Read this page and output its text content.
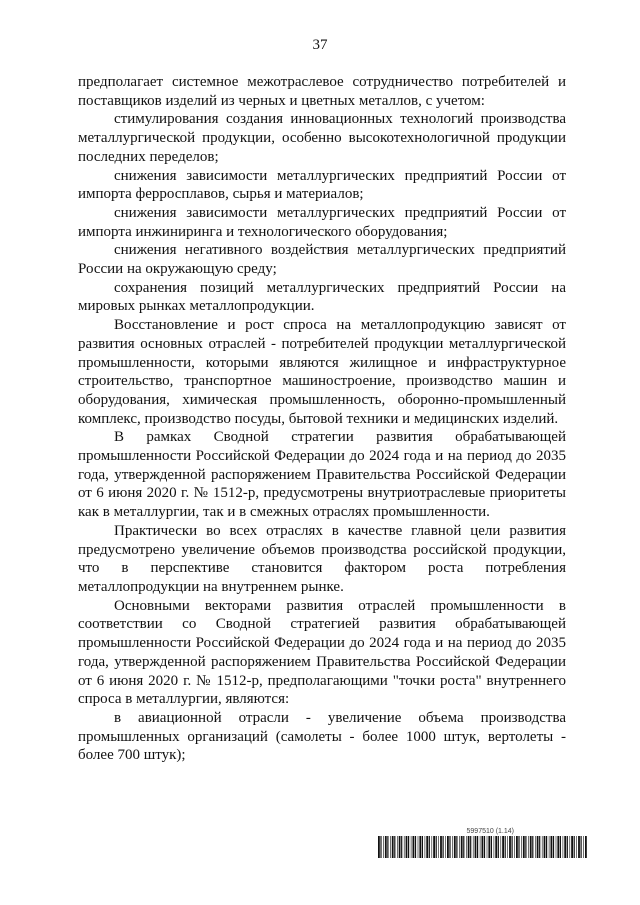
37

предполагает системное межотраслевое сотрудничество потребителей и поставщиков изделий из черных и цветных металлов, с учетом:

стимулирования создания инновационных технологий производства металлургической продукции, особенно высокотехнологичной продукции последних переделов;

снижения зависимости металлургических предприятий России от импорта ферросплавов, сырья и материалов;

снижения зависимости металлургических предприятий России от импорта инжиниринга и технологического оборудования;

снижения негативного воздействия металлургических предприятий России на окружающую среду;

сохранения позиций металлургических предприятий России на мировых рынках металлопродукции.

Восстановление и рост спроса на металлопродукцию зависят от развития основных отраслей - потребителей продукции металлургической промышленности, которыми являются жилищное и инфраструктурное строительство, транспортное машиностроение, производство машин и оборудования, химическая промышленность, оборонно-промышленный комплекс, производство посуды, бытовой техники и медицинских изделий.

В рамках Сводной стратегии развития обрабатывающей промышленности Российской Федерации до 2024 года и на период до 2035 года, утвержденной распоряжением Правительства Российской Федерации от 6 июня 2020 г. № 1512-р, предусмотрены внутриотраслевые приоритеты как в металлургии, так и в смежных отраслях промышленности.

Практически во всех отраслях в качестве главной цели развития предусмотрено увеличение объемов производства российской продукции, что в перспективе становится фактором роста потребления металлопродукции на внутреннем рынке.

Основными векторами развития отраслей промышленности в соответствии со Сводной стратегией развития обрабатывающей промышленности Российской Федерации до 2024 года и на период до 2035 года, утвержденной распоряжением Правительства Российской Федерации от 6 июня 2020 г. № 1512-р, предполагающими "точки роста" внутреннего спроса в металлургии, являются:

в авиационной отрасли - увеличение объема производства промышленных организаций (самолеты - более 1000 штук, вертолеты - более 700 штук);

5997510 (1.14)
